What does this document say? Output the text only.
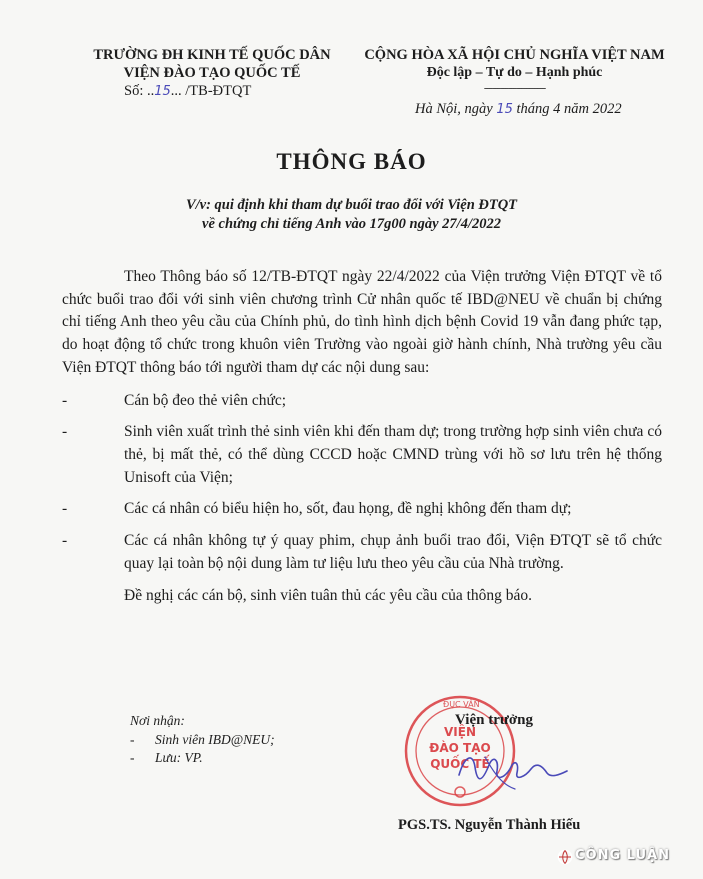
TRƯỜNG ĐH KINH TẾ QUỐC DÂN
VIỆN ĐÀO TẠO QUỐC TẾ
Số: ..15... /TB-ĐTQT
CỘNG HÒA XÃ HỘI CHỦ NGHĨA VIỆT NAM
Độc lập – Tự do – Hạnh phúc
-----------------------
Hà Nội, ngày 15 tháng 4 năm 2022
THÔNG BÁO
V/v: qui định khi tham dự buổi trao đổi với Viện ĐTQT
về chứng chỉ tiếng Anh vào 17g00 ngày 27/4/2022

Theo Thông báo số 12/TB-ĐTQT ngày 22/4/2022 của Viện trưởng Viện ĐTQT về tổ chức buổi trao đổi với sinh viên chương trình Cử nhân quốc tế IBD@NEU về chuẩn bị chứng chỉ tiếng Anh theo yêu cầu của Chính phủ, do tình hình dịch bệnh Covid 19 vẫn đang phức tạp, do hoạt động tổ chức trong khuôn viên Trường vào ngoài giờ hành chính, Nhà trường yêu cầu Viện ĐTQT thông báo tới người tham dự các nội dung sau:

-	Cán bộ đeo thẻ viên chức;
-	Sinh viên xuất trình thẻ sinh viên khi đến tham dự; trong trường hợp sinh viên chưa có thẻ, bị mất thẻ, có thể dùng CCCD hoặc CMND trùng với hồ sơ lưu trên hệ thống Unisoft của Viện;
-	Các cá nhân có biểu hiện ho, sốt, đau họng, đề nghị không đến tham dự;
-	Các cá nhân không tự ý quay phim, chụp ảnh buổi trao đổi, Viện ĐTQT sẽ tổ chức quay lại toàn bộ nội dung làm tư liệu lưu theo yêu cầu của Nhà trường.

Đề nghị các cán bộ, sinh viên tuân thủ các yêu cầu của thông báo.

Nơi nhận:
- Sinh viên IBD@NEU;
- Lưu: VP.
ĐỤC VÂN
VIỆN
ĐÀO TẠO
QUỐC TẾ
Viện trưởng
PGS.TS. Nguyễn Thành Hiếu
CÔNG LUẬN
